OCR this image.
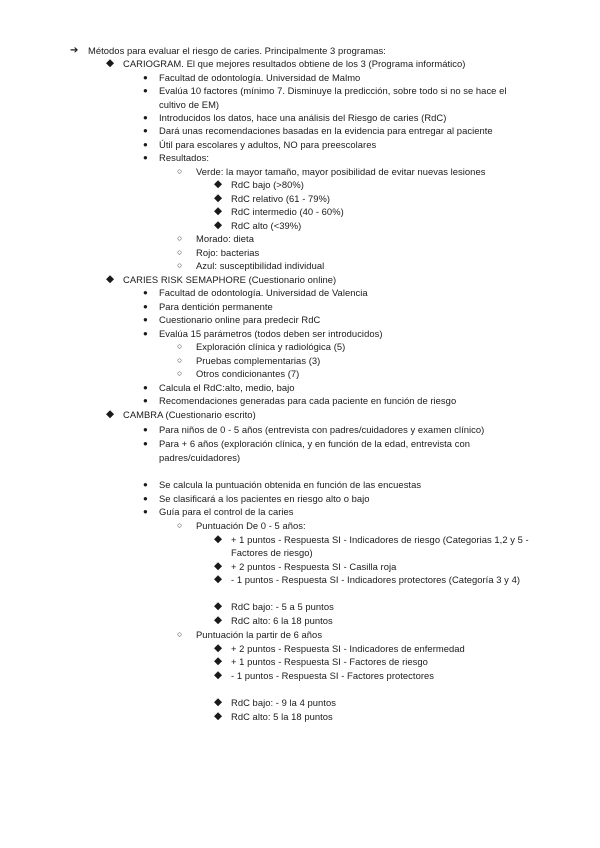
➔ Métodos para evaluar el riesgo de caries. Principalmente 3 programas:
◆ CARIOGRAM. El que mejores resultados obtiene de los 3 (Programa informático)
● Facultad de odontología. Universidad de Malmo
● Evalúa 10 factores (mínimo 7. Disminuye la predicción, sobre todo si no se hace el
cultivo de EM)
● Introducidos los datos, hace una análisis del Riesgo de caries (RdC)
● Dará unas recomendaciones basadas en la evidencia para entregar al paciente
● Útil para escolares y adultos, NO para preescolares
● Resultados:
○ Verde: la mayor tamaño, mayor posibilidad de evitar nuevas lesiones
◆ RdC bajo (>80%)
◆ RdC relativo (61 - 79%)
◆ RdC intermedio (40 - 60%)
◆ RdC alto (<39%)
○ Morado: dieta
○ Rojo: bacterias
○ Azul: susceptibilidad individual
◆ CARIES RISK SEMAPHORE (Cuestionario online)
● Facultad de odontología. Universidad de Valencia
● Para dentición permanente
● Cuestionario online para predecir RdC
● Evalúa 15 parámetros (todos deben ser introducidos)
○ Exploración clínica y radiológica (5)
○ Pruebas complementarias (3)
○ Otros condicionantes (7)
● Calcula el RdC:alto, medio, bajo
● Recomendaciones generadas para cada paciente en función de riesgo
◆ CAMBRA (Cuestionario escrito)
● Para niños de 0 - 5 años (entrevista con padres/cuidadores y examen clínico)
● Para + 6 años (exploración clínica, y en función de la edad, entrevista con
padres/cuidadores)
● Se calcula la puntuación obtenida en función de las encuestas
● Se clasificará a los pacientes en riesgo alto o bajo
● Guía para el control de la caries
○ Puntuación De 0 - 5 años:
◆ + 1 puntos - Respuesta SI - Indicadores de riesgo (Categorias 1,2 y 5 -
Factores de riesgo)
◆ + 2 puntos - Respuesta SI - Casilla roja
◆ - 1 puntos - Respuesta SI - Indicadores protectores (Categoría 3 y 4)
◆ RdC bajo: - 5 a 5 puntos
◆ RdC alto: 6 la 18 puntos
○ Puntuación la partir de 6 años
◆ + 2 puntos - Respuesta SI - Indicadores de enfermedad
◆ + 1 puntos - Respuesta SI - Factores de riesgo
◆ - 1 puntos - Respuesta SI - Factores protectores
◆ RdC bajo: - 9 la 4 puntos
◆ RdC alto: 5 la 18 puntos
